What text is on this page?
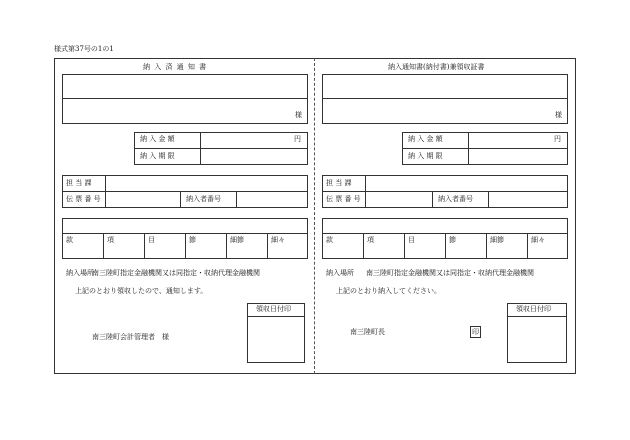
様式第37号の1の1
納 入 済 通 知 書
様
納 入 金 額	円
納 入 期 限
担 当 課
伝 票 番 号	納入者番号
款	項	目	節	細節	細々
納入場所
南三陸町指定金融機関又は同指定・収納代理金融機関
上記のとおり領収したので、通知します。
領収日付印
南三陸町会計管理者　様
納入通知書(納付書)兼領収証書
様
納 入 金 額	円
納 入 期 限
担 当 課
伝 票 番 号	納入者番号
款	項	目	節	細節	細々
納入場所 南三陸町指定金融機関又は同指定・収納代理金融機関
上記のとおり納入してください。
南三陸町長	印
領収日付印
